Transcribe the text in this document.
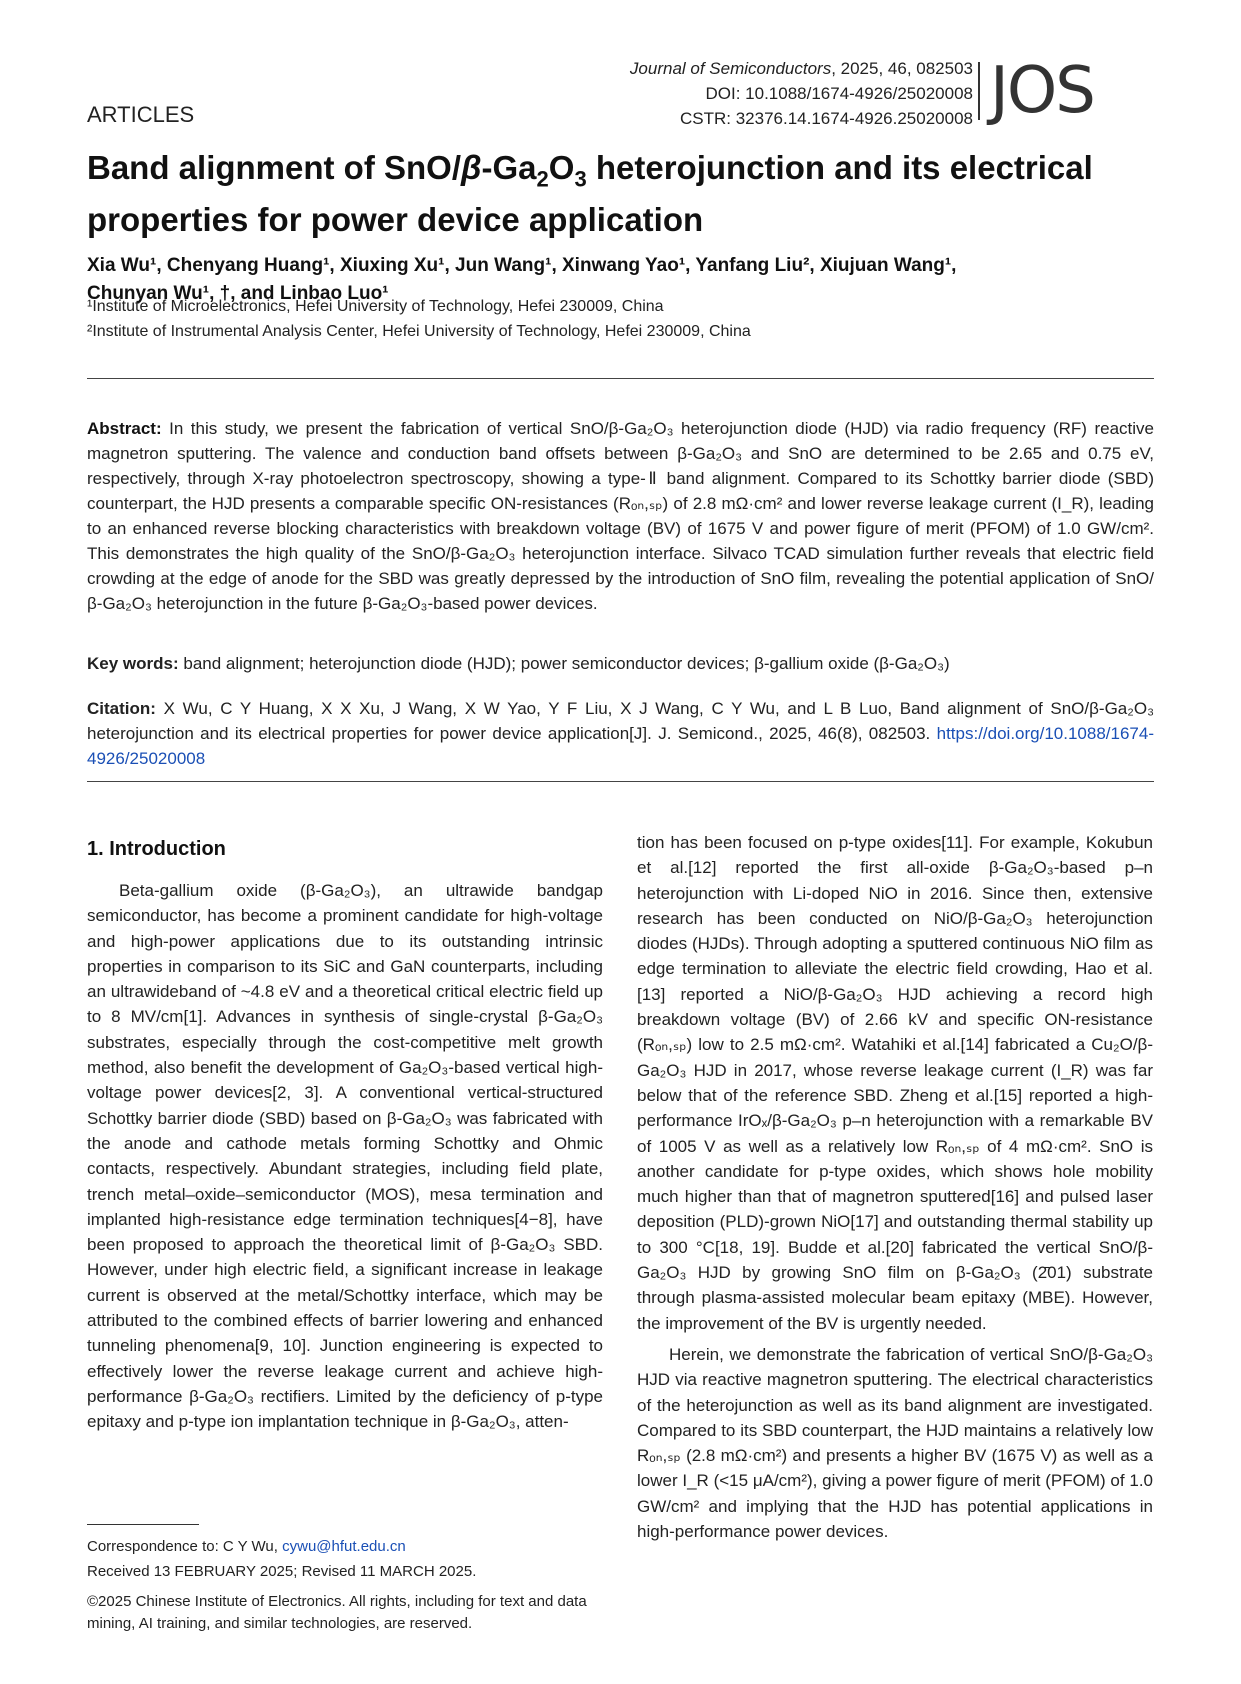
Journal of Semiconductors, 2025, 46, 082503
DOI: 10.1088/1674-4926/25020008
CSTR: 32376.14.1674-4926.25020008 JOS
ARTICLES
Band alignment of SnO/$\beta-Ga_2O_3$ heterojunction and its electrical properties for power device application
Xia Wu¹, Chenyang Huang¹, Xiuxing Xu¹, Jun Wang¹, Xinwang Yao¹, Yanfang Liu², Xiujuan Wang¹,
Chunyan Wu¹, †, and Linbao Luo¹
¹Institute of Microelectronics, Hefei University of Technology, Hefei 230009, China
²Institute of Instrumental Analysis Center, Hefei University of Technology, Hefei 230009, China
Abstract: In this study, we present the fabrication of vertical SnO/β-Ga₂O₃ heterojunction diode (HJD) via radio frequency (RF) reactive magnetron sputtering. The valence and conduction band offsets between β-Ga₂O₃ and SnO are determined to be 2.65 and 0.75 eV, respectively, through X-ray photoelectron spectroscopy, showing a type-Ⅱ band alignment. Compared to its Schottky barrier diode (SBD) counterpart, the HJD presents a comparable specific ON-resistances (Rₒₙ,ₛₚ) of 2.8 mΩ·cm² and lower reverse leakage current (I_R), leading to an enhanced reverse blocking characteristics with breakdown voltage (BV) of 1675 V and power figure of merit (PFOM) of 1.0 GW/cm². This demonstrates the high quality of the SnO/β-Ga₂O₃ heterojunction interface. Silvaco TCAD simulation further reveals that electric field crowding at the edge of anode for the SBD was greatly depressed by the introduction of SnO film, revealing the potential application of SnO/β-Ga₂O₃ heterojunction in the future β-Ga₂O₃-based power devices.
Key words: band alignment; heterojunction diode (HJD); power semiconductor devices; β-gallium oxide (β-Ga₂O₃)
Citation: X Wu, C Y Huang, X X Xu, J Wang, X W Yao, Y F Liu, X J Wang, C Y Wu, and L B Luo, Band alignment of SnO/β-Ga₂O₃ heterojunction and its electrical properties for power device application[J]. J. Semicond., 2025, 46(8), 082503. https://doi.org/10.1088/1674-4926/25020008
1. Introduction

Beta-gallium oxide (β-Ga₂O₃), an ultrawide bandgap semiconductor, has become a prominent candidate for high-voltage and high-power applications due to its outstanding intrinsic properties in comparison to its SiC and GaN counterparts, including an ultrawideband of ~4.8 eV and a theoretical critical electric field up to 8 MV/cm[1]. Advances in synthesis of single-crystal β-Ga₂O₃ substrates, especially through the cost-competitive melt growth method, also benefit the development of Ga₂O₃-based vertical high-voltage power devices[2, 3]. A conventional vertical-structured Schottky barrier diode (SBD) based on β-Ga₂O₃ was fabricated with the anode and cathode metals forming Schottky and Ohmic contacts, respectively. Abundant strategies, including field plate, trench metal–oxide–semiconductor (MOS), mesa termination and implanted high-resistance edge termination techniques[4−8], have been proposed to approach the theoretical limit of β-Ga₂O₃ SBD. However, under high electric field, a significant increase in leakage current is observed at the metal/Schottky interface, which may be attributed to the combined effects of barrier lowering and enhanced tunneling phenomena[9, 10]. Junction engineering is expected to effectively lower the reverse leakage current and achieve high-performance β-Ga₂O₃ rectifiers. Limited by the deficiency of p-type epitaxy and p-type ion implantation technique in β-Ga₂O₃, atten-

tion has been focused on p-type oxides[11]. For example, Kokubun et al.[12] reported the first all-oxide β-Ga₂O₃-based p–n heterojunction with Li-doped NiO in 2016. Since then, extensive research has been conducted on NiO/β-Ga₂O₃ heterojunction diodes (HJDs). Through adopting a sputtered continuous NiO film as edge termination to alleviate the electric field crowding, Hao et al.[13] reported a NiO/β-Ga₂O₃ HJD achieving a record high breakdown voltage (BV) of 2.66 kV and specific ON-resistance (Rₒₙ,ₛₚ) low to 2.5 mΩ·cm². Watahiki et al.[14] fabricated a Cu₂O/β-Ga₂O₃ HJD in 2017, whose reverse leakage current (I_R) was far below that of the reference SBD. Zheng et al.[15] reported a high-performance IrOₓ/β-Ga₂O₃ p–n heterojunction with a remarkable BV of 1005 V as well as a relatively low Rₒₙ,ₛₚ of 4 mΩ·cm². SnO is another candidate for p-type oxides, which shows hole mobility much higher than that of magnetron sputtered[16] and pulsed laser deposition (PLD)-grown NiO[17] and outstanding thermal stability up to 300 °C[18, 19]. Budde et al.[20] fabricated the vertical SnO/β-Ga₂O₃ HJD by growing SnO film on β-Ga₂O₃ (2̄01) substrate through plasma-assisted molecular beam epitaxy (MBE). However, the improvement of the BV is urgently needed.

Herein, we demonstrate the fabrication of vertical SnO/β-Ga₂O₃ HJD via reactive magnetron sputtering. The electrical characteristics of the heterojunction as well as its band alignment are investigated. Compared to its SBD counterpart, the HJD maintains a relatively low Rₒₙ,ₛₚ (2.8 mΩ·cm²) and presents a higher BV (1675 V) as well as a lower I_R (<15 μA/cm²), giving a power figure of merit (PFOM) of 1.0 GW/cm² and implying that the HJD has potential applications in high-performance power devices.

Correspondence to: C Y Wu, cywu@hfut.edu.cn
Received 13 FEBRUARY 2025; Revised 11 MARCH 2025.
©2025 Chinese Institute of Electronics. All rights, including for text and data mining, AI training, and similar technologies, are reserved.
